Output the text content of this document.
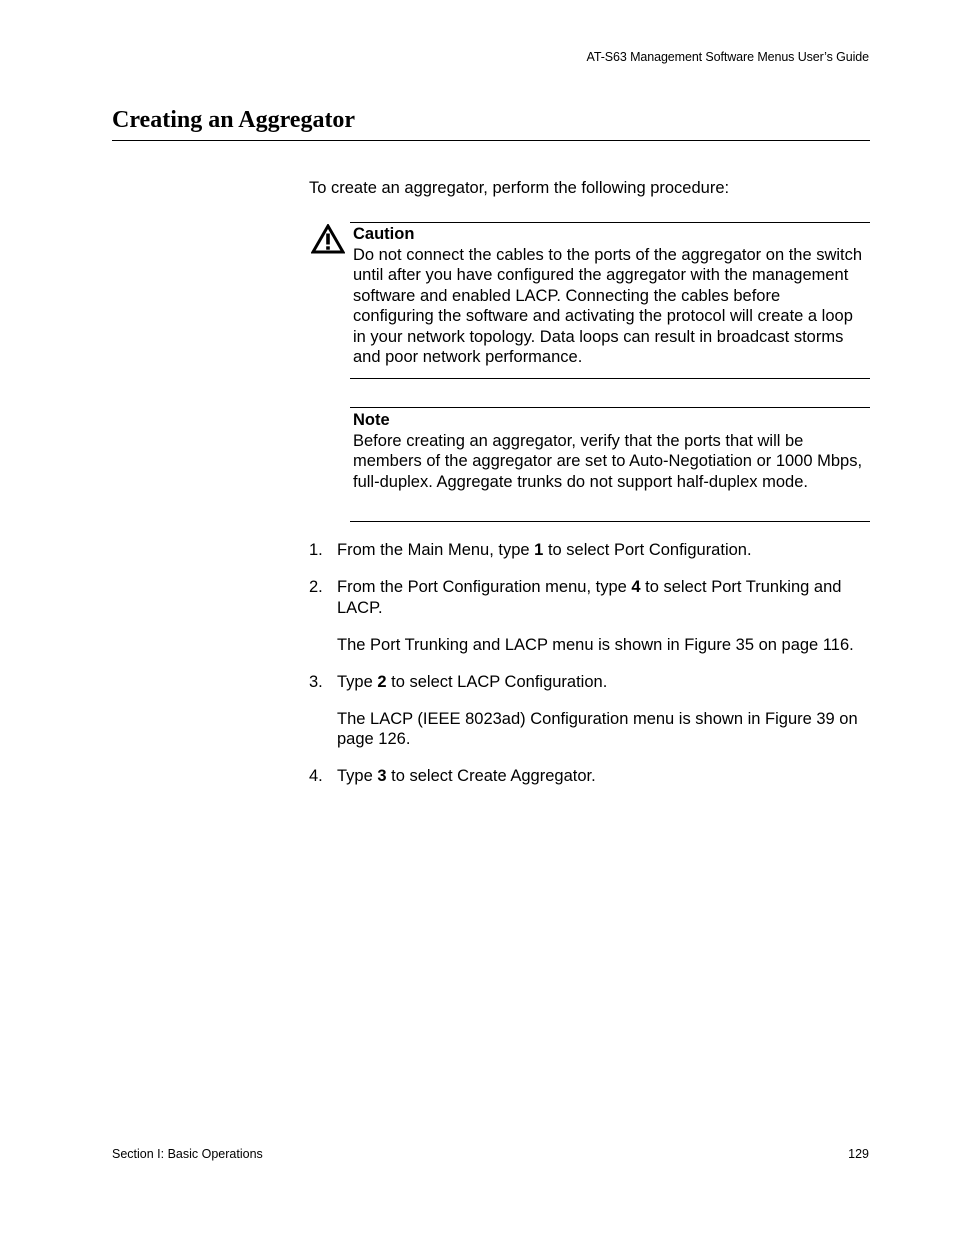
AT-S63 Management Software Menus User’s Guide
Creating an Aggregator

To create an aggregator, perform the following procedure:

Caution
Do not connect the cables to the ports of the aggregator on the switch until after you have configured the aggregator with the management software and enabled LACP. Connecting the cables before configuring the software and activating the protocol will create a loop in your network topology. Data loops can result in broadcast storms and poor network performance.
Note
Before creating an aggregator, verify that the ports that will be members of the aggregator are set to Auto-Negotiation or 1000 Mbps, full-duplex. Aggregate trunks do not support half-duplex mode.

1. From the Main Menu, type 1 to select Port Configuration.

2. From the Port Configuration menu, type 4 to select Port Trunking and LACP.

The Port Trunking and LACP menu is shown in Figure 35 on page 116.

3. Type 2 to select LACP Configuration.

The LACP (IEEE 8023ad) Configuration menu is shown in Figure 39 on page 126.

4. Type 3 to select Create Aggregator.

Section I: Basic Operations	129
